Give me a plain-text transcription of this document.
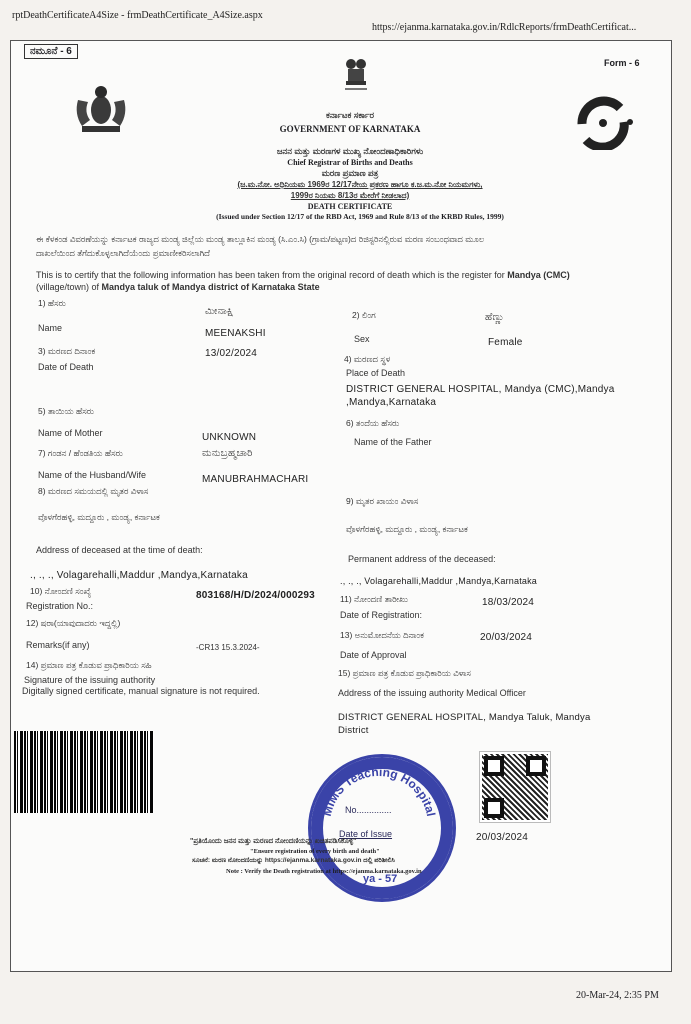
rptDeathCertificateA4Size - frmDeathCertificate_A4Size.aspx
https://ejanma.karnataka.gov.in/RdlcReports/frmDeathCertificat...
ನಮೂನೆ - 6
Form - 6
ಕರ್ನಾಟಕ ಸರ್ಕಾರ
GOVERNMENT OF KARNATAKA
ಜನನ ಮತ್ತು ಮರಣಗಳ ಮುಖ್ಯ ನೋಂದಣಾಧಿಕಾರಿಗಳು
Chief Registrar of Births and Deaths
ಮರಣ ಪ್ರಮಾಣ ಪತ್ರ
(ಜ.ಮ.ನೋ. ಅಧಿನಿಯಮ 1969ರ 12/17ನೇಯ ಪ್ರಕರಣ ಹಾಗೂ ಕ.ಜ.ಮ.ನೋ ನಿಯಮಗಳು,
1999ರ ನಿಯಮ 8/13ರ ಮೇರೆಗೆ ನೀಡಲಾದ)
DEATH CERTIFICATE
(Issued under Section 12/17 of the RBD Act, 1969 and Rule 8/13 of the KRBD Rules, 1999)
ಈ ಕೆಳಕಂಡ ವಿವರಣೆಯನ್ನು ಕರ್ನಾಟಕ ರಾಜ್ಯದ ಮಂಡ್ಯ ಜಿಲ್ಲೆಯ ಮಂಡ್ಯ ತಾಲ್ಲೂಕಿನ ಮಂಡ್ಯ (ಸಿ.ಎಂ.ಸಿ) (ಗ್ರಾಮ/ಪಟ್ಟಣ)ದ ರಿಜಿಸ್ಟರಿನಲ್ಲಿರುವ ಮರಣ ಸಂಬಂಧವಾದ ಮೂಲ
ದಾಖಲೆಯಿಂದ ತೆಗೆದುಕೊಳ್ಳಲಾಗಿದೆಯೆಂದು ಪ್ರಮಾಣೀಕರಿಸಲಾಗಿದೆ
This is to certify that the following information has been taken from the original record of death which is the register for Mandya (CMC)
(village/town) of Mandya taluk of Mandya district of Karnataka State
1) ಹೆಸರು
ಮೀನಾಕ್ಷಿ	2) ಲಿಂಗ	ಹೆಣ್ಣು
Name	MEENAKSHI	Sex	Female
3) ಮರಣದ ದಿನಾಂಕ	13/02/2024	4) ಮರಣದ ಸ್ಥಳ
Date of Death
Place of Death
DISTRICT GENERAL HOSPITAL, Mandya (CMC),Mandya
,Mandya,Karnataka
5) ತಾಯಿಯ ಹೆಸರು
6) ತಂದೆಯ ಹೆಸರು
Name of Mother	UNKNOWN	Name of the Father
7) ಗಂಡನ / ಹೆಂಡತಿಯ ಹೆಸರು	ಮನುಬ್ರಹ್ಮಚಾರಿ
Name of the Husband/Wife	MANUBRAHMACHARI
8) ಮರಣದ ಸಮಯದಲ್ಲಿ ಮೃತರ ವಿಳಾಸ
9) ಮೃತರ ಖಾಯಂ ವಿಳಾಸ
ವೊಳಗೆರಹಳ್ಳಿ, ಮದ್ದೂರು , ಮಂಡ್ಯ, ಕರ್ನಾಟಕ
ವೊಳಗೆರಹಳ್ಳಿ, ಮದ್ದೂರು , ಮಂಡ್ಯ, ಕರ್ನಾಟಕ
Address of deceased at the time of death:
Permanent address of the deceased:
., ., ., Volagarehalli,Maddur ,Mandya,Karnataka	., ., ., Volagarehalli,Maddur ,Mandya,Karnataka
10) ನೋಂದಣಿ ಸಂಖ್ಯೆ	803168/H/D/2024/000293	11) ನೋಂದಣಿ ತಾರೀಖು	18/03/2024
Registration No.:
Date of Registration:
12) ಷರಾ(ಯಾವುದಾದರು ಇದ್ದಲ್ಲಿ)
13) ಅನುಮೋದನೆಯ ದಿನಾಂಕ	20/03/2024
Remarks(if any)	-CR13 15.3.2024-
Date of Approval
14) ಪ್ರಮಾಣ ಪತ್ರ ಕೊಡುವ ಪ್ರಾಧಿಕಾರಿಯ ಸಹಿ
15) ಪ್ರಮಾಣ ಪತ್ರ ಕೊಡುವ ಪ್ರಾಧಿಕಾರಿಯ ವಿಳಾಸ
Signature of the issuing authority
Digitally signed certificate, manual signature is not required.	Address of the issuing authority Medical Officer
DISTRICT GENERAL HOSPITAL, Mandya Taluk, Mandya
District
MIMS Teaching Hospital
No..............
Date of Issue
ya - 57
20/03/2024
"ಪ್ರತಿಯೊಂದು ಜನನ ಮತ್ತು ಮರಣದ ನೋಂದಣಿಯನ್ನು ಖಚಿತಪಡಿಸಿಕೊಳ್ಳಿ"
"Ensure registration of every birth and death"
ಸೂಚನೆ: ಮರಣ ನೋಂದಣಿಯನ್ನು https://ejanma.karnataka.gov.in ದಲ್ಲಿ ಪರಿಶೀಲಿಸಿ
Note : Verify the Death registration at https://ejanma.karnataka.gov.in
20-Mar-24, 2:35 PM
